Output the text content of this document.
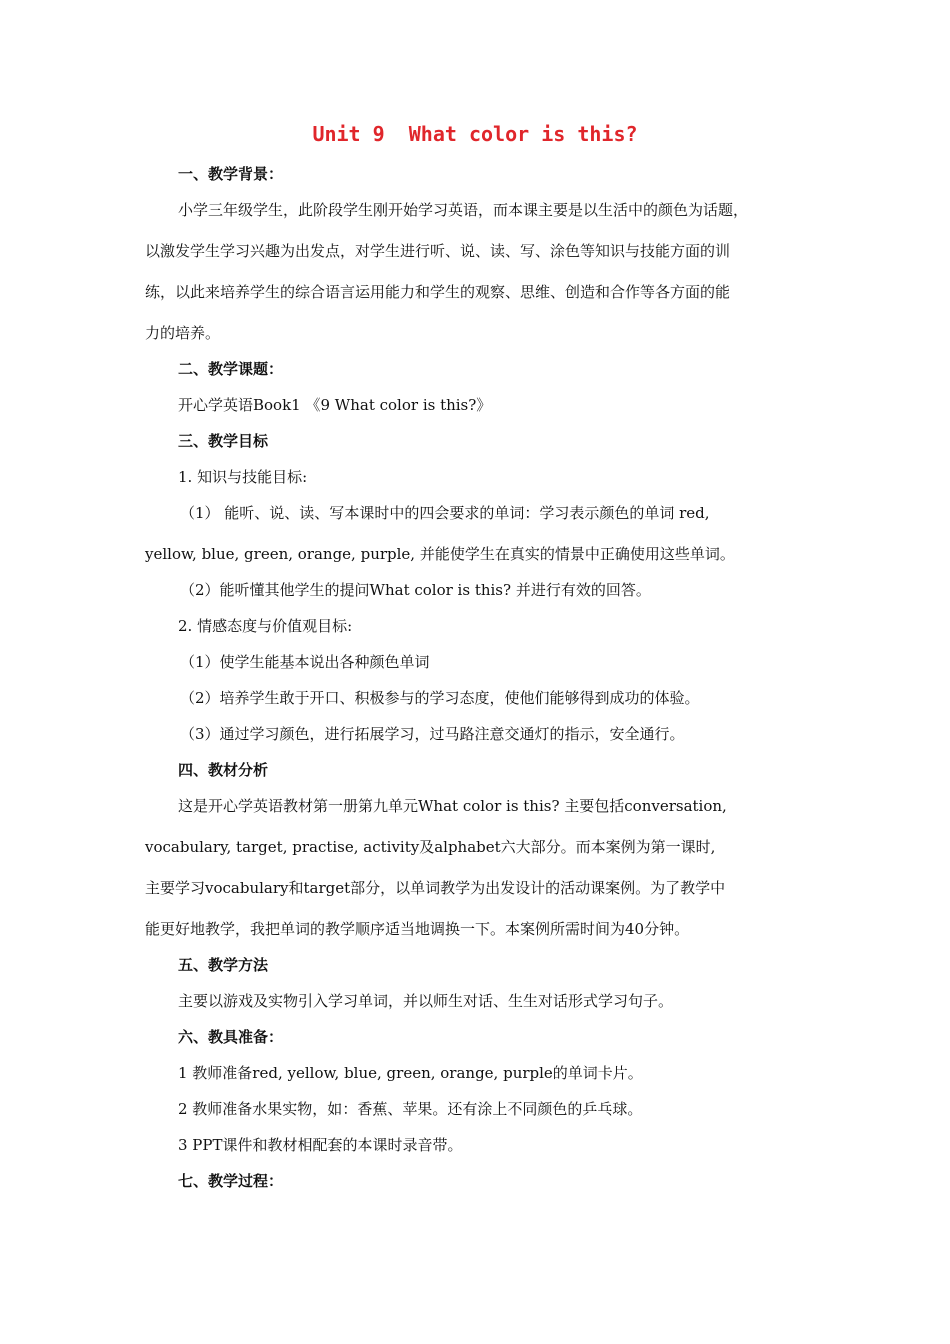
Unit 9  What color is this?
一、教学背景：
小学三年级学生，此阶段学生刚开始学习英语，而本课主要是以生活中的颜色为话题，
以激发学生学习兴趣为出发点，对学生进行听、说、读、写、涂色等知识与技能方面的训
练，以此来培养学生的综合语言运用能力和学生的观察、思维、创造和合作等各方面的能
力的培养。
二、教学课题：
开心学英语Book1 《9 What color is this?》
三、教学目标
1. 知识与技能目标:
（1） 能听、说、读、写本课时中的四会要求的单词：学习表示颜色的单词 red,
yellow, blue, green, orange, purple, 并能使学生在真实的情景中正确使用这些单词。
（2）能听懂其他学生的提问What color is this? 并进行有效的回答。
2. 情感态度与价值观目标:
（1）使学生能基本说出各种颜色单词
（2）培养学生敢于开口、积极参与的学习态度，使他们能够得到成功的体验。
（3）通过学习颜色，进行拓展学习，过马路注意交通灯的指示，安全通行。
四、教材分析
这是开心学英语教材第一册第九单元What color is this? 主要包括conversation,
vocabulary, target, practise, activity及alphabet六大部分。而本案例为第一课时,
主要学习vocabulary和target部分，以单词教学为出发设计的活动课案例。为了教学中
能更好地教学，我把单词的教学顺序适当地调换一下。本案例所需时间为40分钟。
五、教学方法
主要以游戏及实物引入学习单词，并以师生对话、生生对话形式学习句子。
六、教具准备：
1 教师准备red, yellow, blue, green, orange, purple的单词卡片。
2 教师准备水果实物，如：香蕉、苹果。还有涂上不同颜色的乒乓球。
3 PPT课件和教材相配套的本课时录音带。
七、教学过程：
